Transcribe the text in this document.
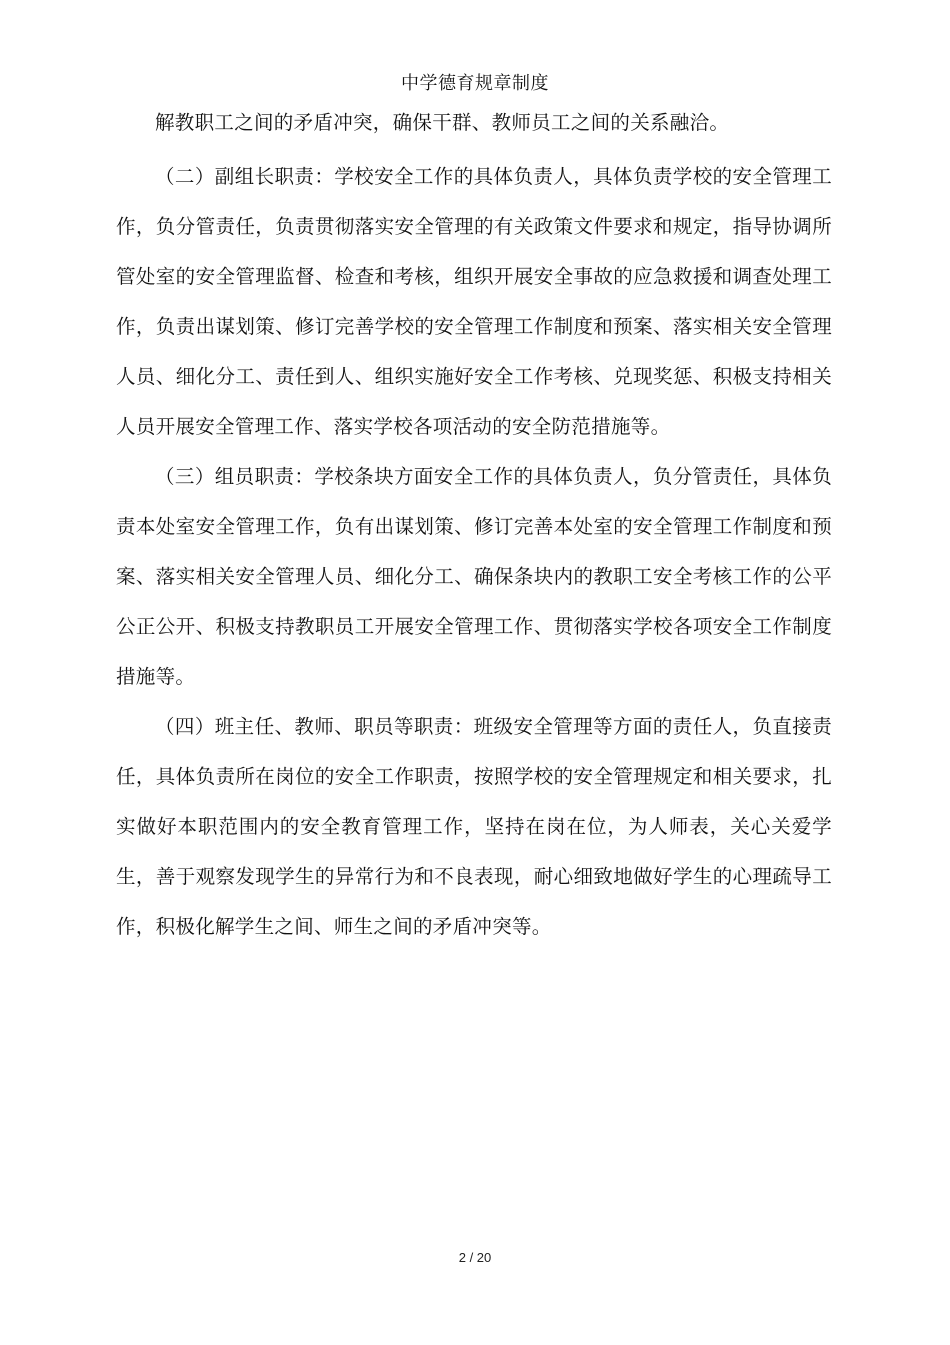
中学德育规章制度

解教职工之间的矛盾冲突，确保干群、教师员工之间的关系融洽。

（二）副组长职责：学校安全工作的具体负责人，具体负责学校的安全管理工作，负分管责任，负责贯彻落实安全管理的有关政策文件要求和规定，指导协调所管处室的安全管理监督、检查和考核，组织开展安全事故的应急救援和调查处理工作，负责出谋划策、修订完善学校的安全管理工作制度和预案、落实相关安全管理人员、细化分工、责任到人、组织实施好安全工作考核、兑现奖惩、积极支持相关人员开展安全管理工作、落实学校各项活动的安全防范措施等。

（三）组员职责：学校条块方面安全工作的具体负责人，负分管责任，具体负责本处室安全管理工作，负有出谋划策、修订完善本处室的安全管理工作制度和预案、落实相关安全管理人员、细化分工、确保条块内的教职工安全考核工作的公平公正公开、积极支持教职员工开展安全管理工作、贯彻落实学校各项安全工作制度措施等。

（四）班主任、教师、职员等职责：班级安全管理等方面的责任人，负直接责任，具体负责所在岗位的安全工作职责，按照学校的安全管理规定和相关要求，扎实做好本职范围内的安全教育管理工作，坚持在岗在位，为人师表，关心关爱学生，善于观察发现学生的异常行为和不良表现，耐心细致地做好学生的心理疏导工作，积极化解学生之间、师生之间的矛盾冲突等。

2 / 20
